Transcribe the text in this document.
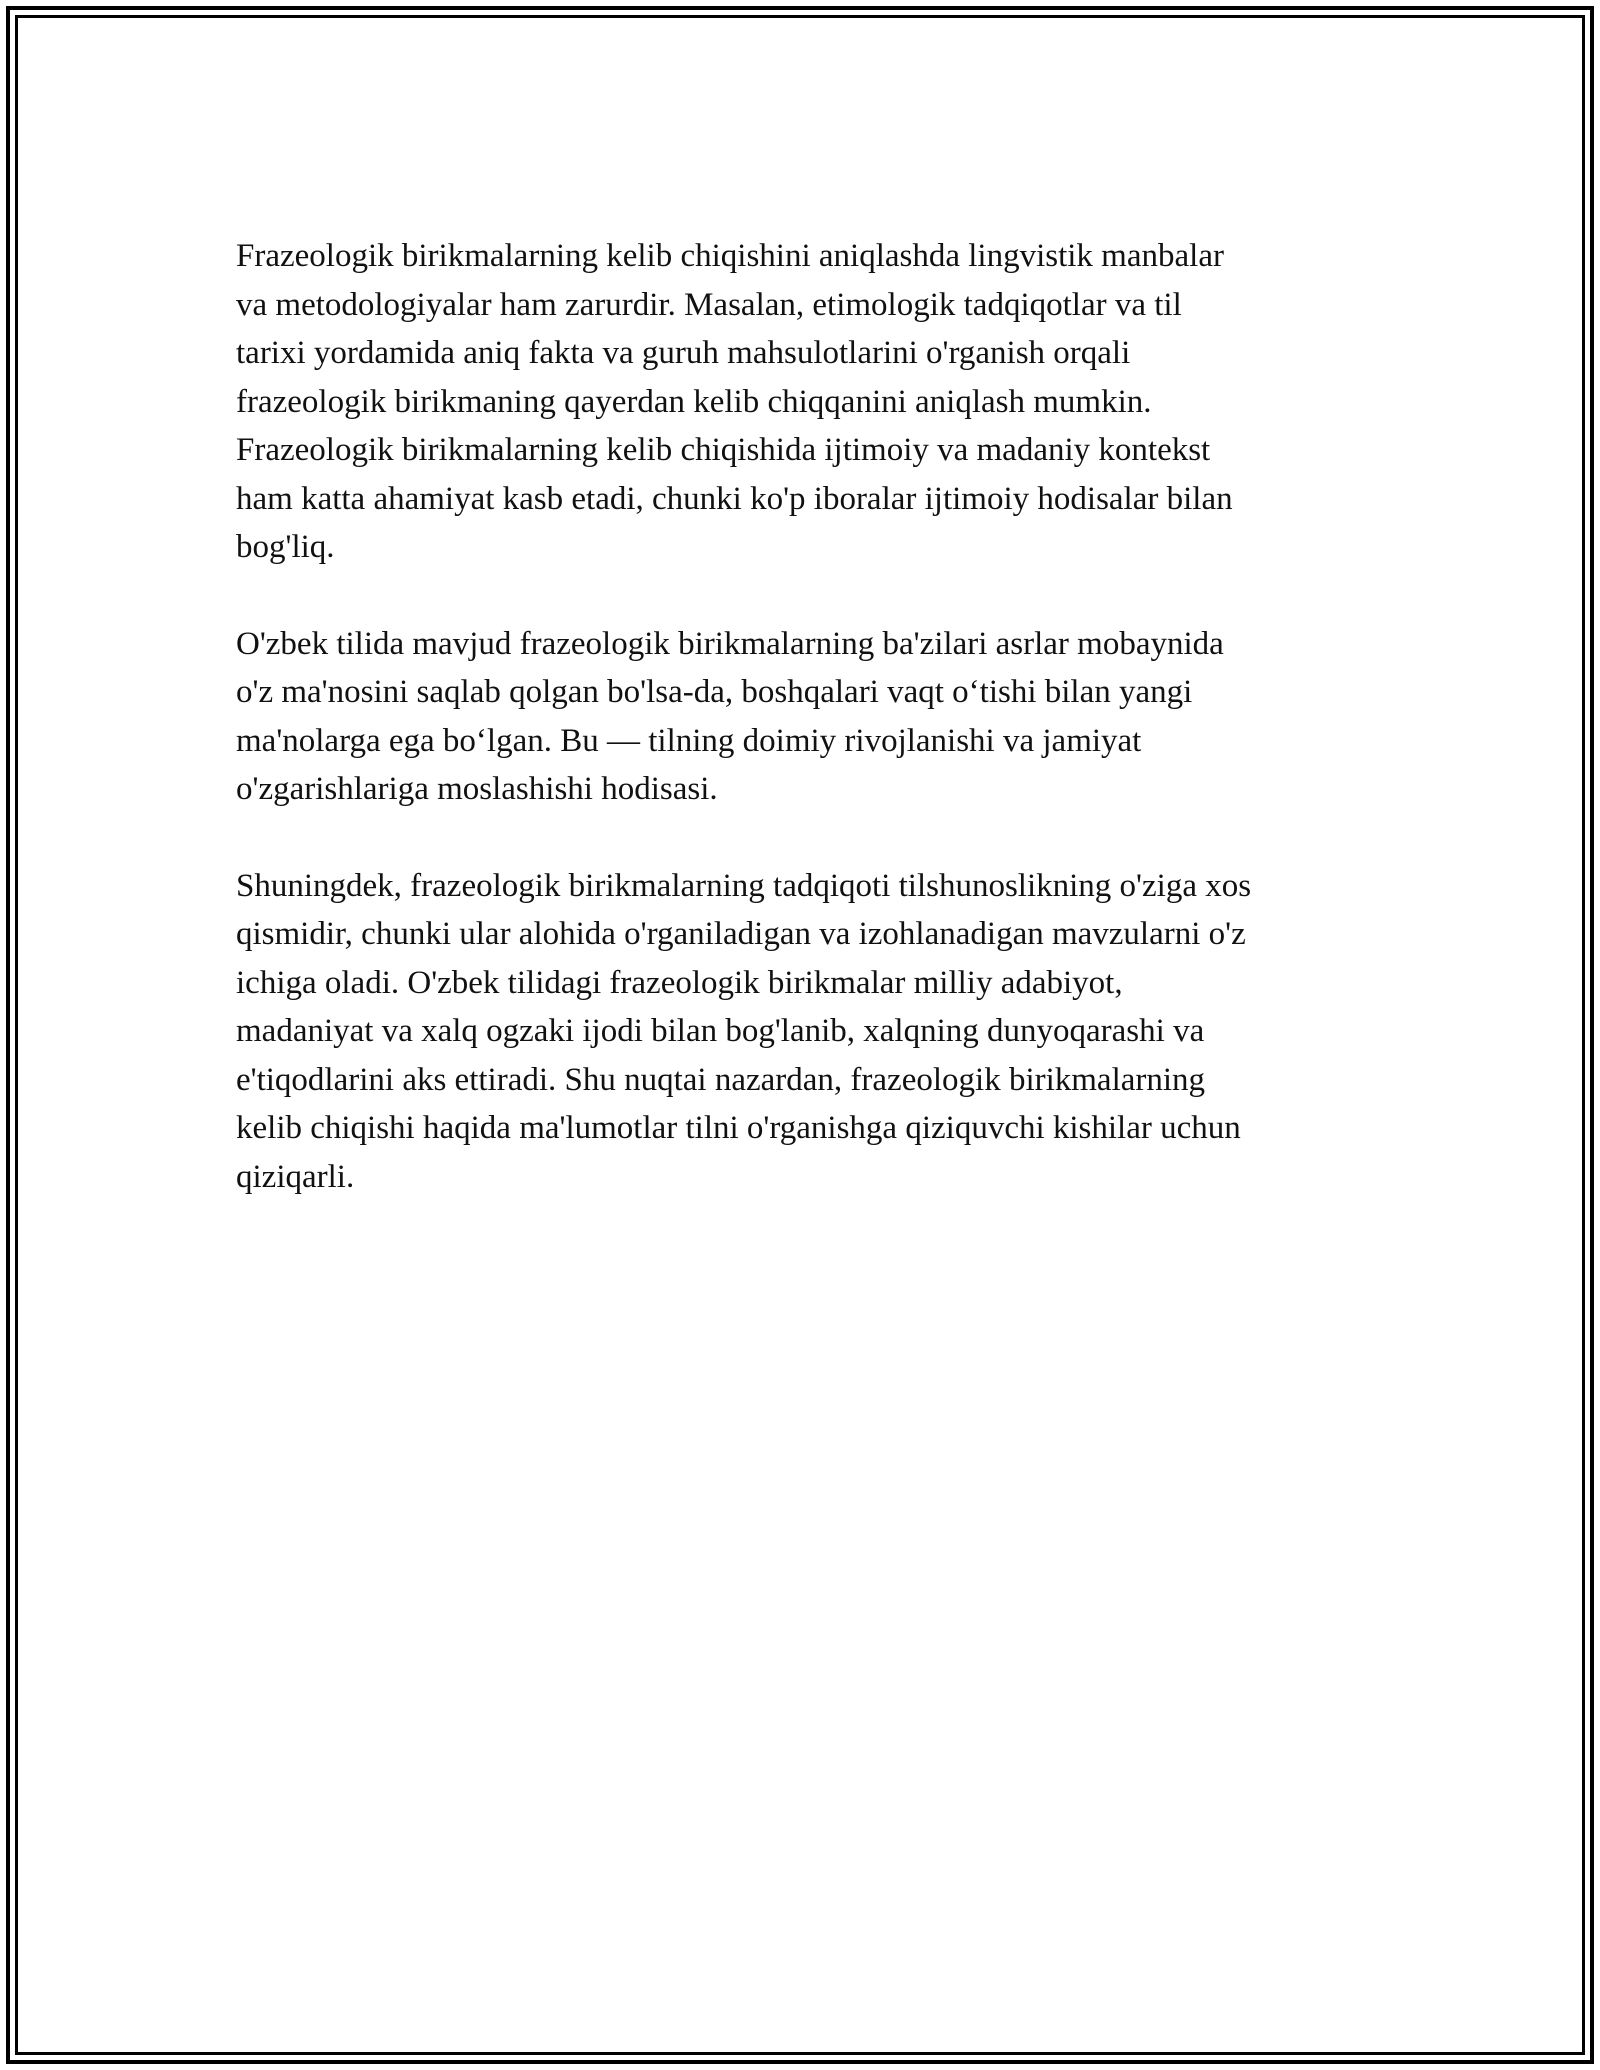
Frazeologik birikmalarning kelib chiqishini aniqlashda lingvistik manbalar
va metodologiyalar ham zarurdir. Masalan, etimologik tadqiqotlar va til
tarixi yordamida aniq fakta va guruh mahsulotlarini o'rganish orqali
frazeologik birikmaning qayerdan kelib chiqqanini aniqlash mumkin.
Frazeologik birikmalarning kelib chiqishida ijtimoiy va madaniy kontekst
ham katta ahamiyat kasb etadi, chunki ko'p iboralar ijtimoiy hodisalar bilan
bog'liq.

O'zbek tilida mavjud frazeologik birikmalarning ba'zilari asrlar mobaynida
o'z ma'nosini saqlab qolgan bo'lsa-da, boshqalari vaqt o‘tishi bilan yangi
ma'nolarga ega bo‘lgan. Bu — tilning doimiy rivojlanishi va jamiyat
o'zgarishlariga moslashishi hodisasi.

Shuningdek, frazeologik birikmalarning tadqiqoti tilshunoslikning o'ziga xos
qismidir, chunki ular alohida o'rganiladigan va izohlanadigan mavzularni o'z
ichiga oladi. O'zbek tilidagi frazeologik birikmalar milliy adabiyot,
madaniyat va xalq ogzaki ijodi bilan bog'lanib, xalqning dunyoqarashi va
e'tiqodlarini aks ettiradi. Shu nuqtai nazardan, frazeologik birikmalarning
kelib chiqishi haqida ma'lumotlar tilni o'rganishga qiziquvchi kishilar uchun
qiziqarli.
